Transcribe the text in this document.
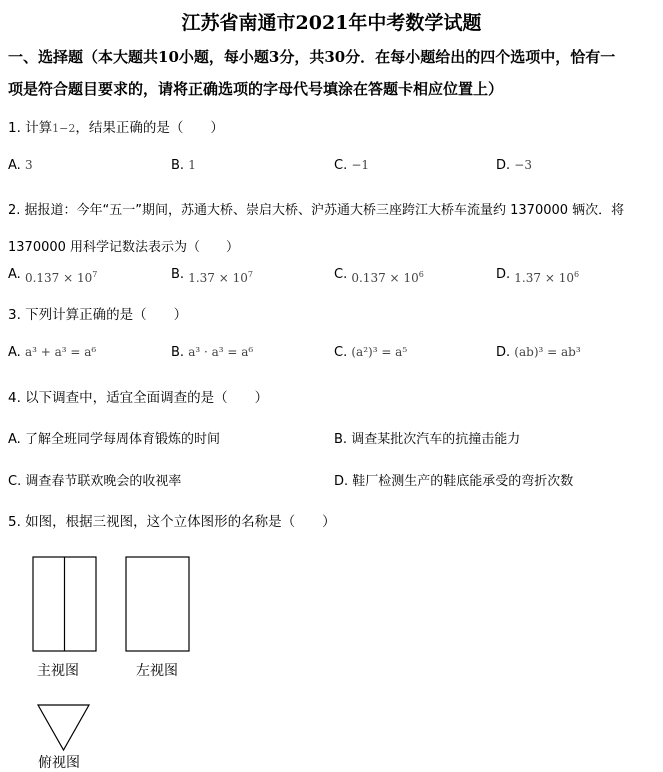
江苏省南通市2021年中考数学试题
一、选择题（本大题共10小题，每小题3分，共30分．在每小题给出的四个选项中，恰有一
项是符合题目要求的，请将正确选项的字母代号填涂在答题卡相应位置上）
1. 计算1−2，结果正确的是（　　）
A. 3	B. 1	C. −1	D. −3
2. 据报道：今年“五一”期间，苏通大桥、崇启大桥、沪苏通大桥三座跨江大桥车流量约 1370000 辆次．将
1370000 用科学记数法表示为（　　）
A. $0.137 \times 10^7$	B. $1.37 \times 10^7$	C. $0.137 \times 10^6$	D. $1.37 \times 10^6$
3. 下列计算正确的是（　　）
A. a³ + a³ = a⁶	B. a³ · a³ = a⁶	C. (a²)³ = a⁵	D. (ab)³ = ab³
4. 以下调查中，适宜全面调查的是（　　）
A. 了解全班同学每周体育锻炼的时间	B. 调查某批次汽车的抗撞击能力
C. 调查春节联欢晚会的收视率	D. 鞋厂检测生产的鞋底能承受的弯折次数
5. 如图，根据三视图，这个立体图形的名称是（　　）
主视图	左视图
俯视图
